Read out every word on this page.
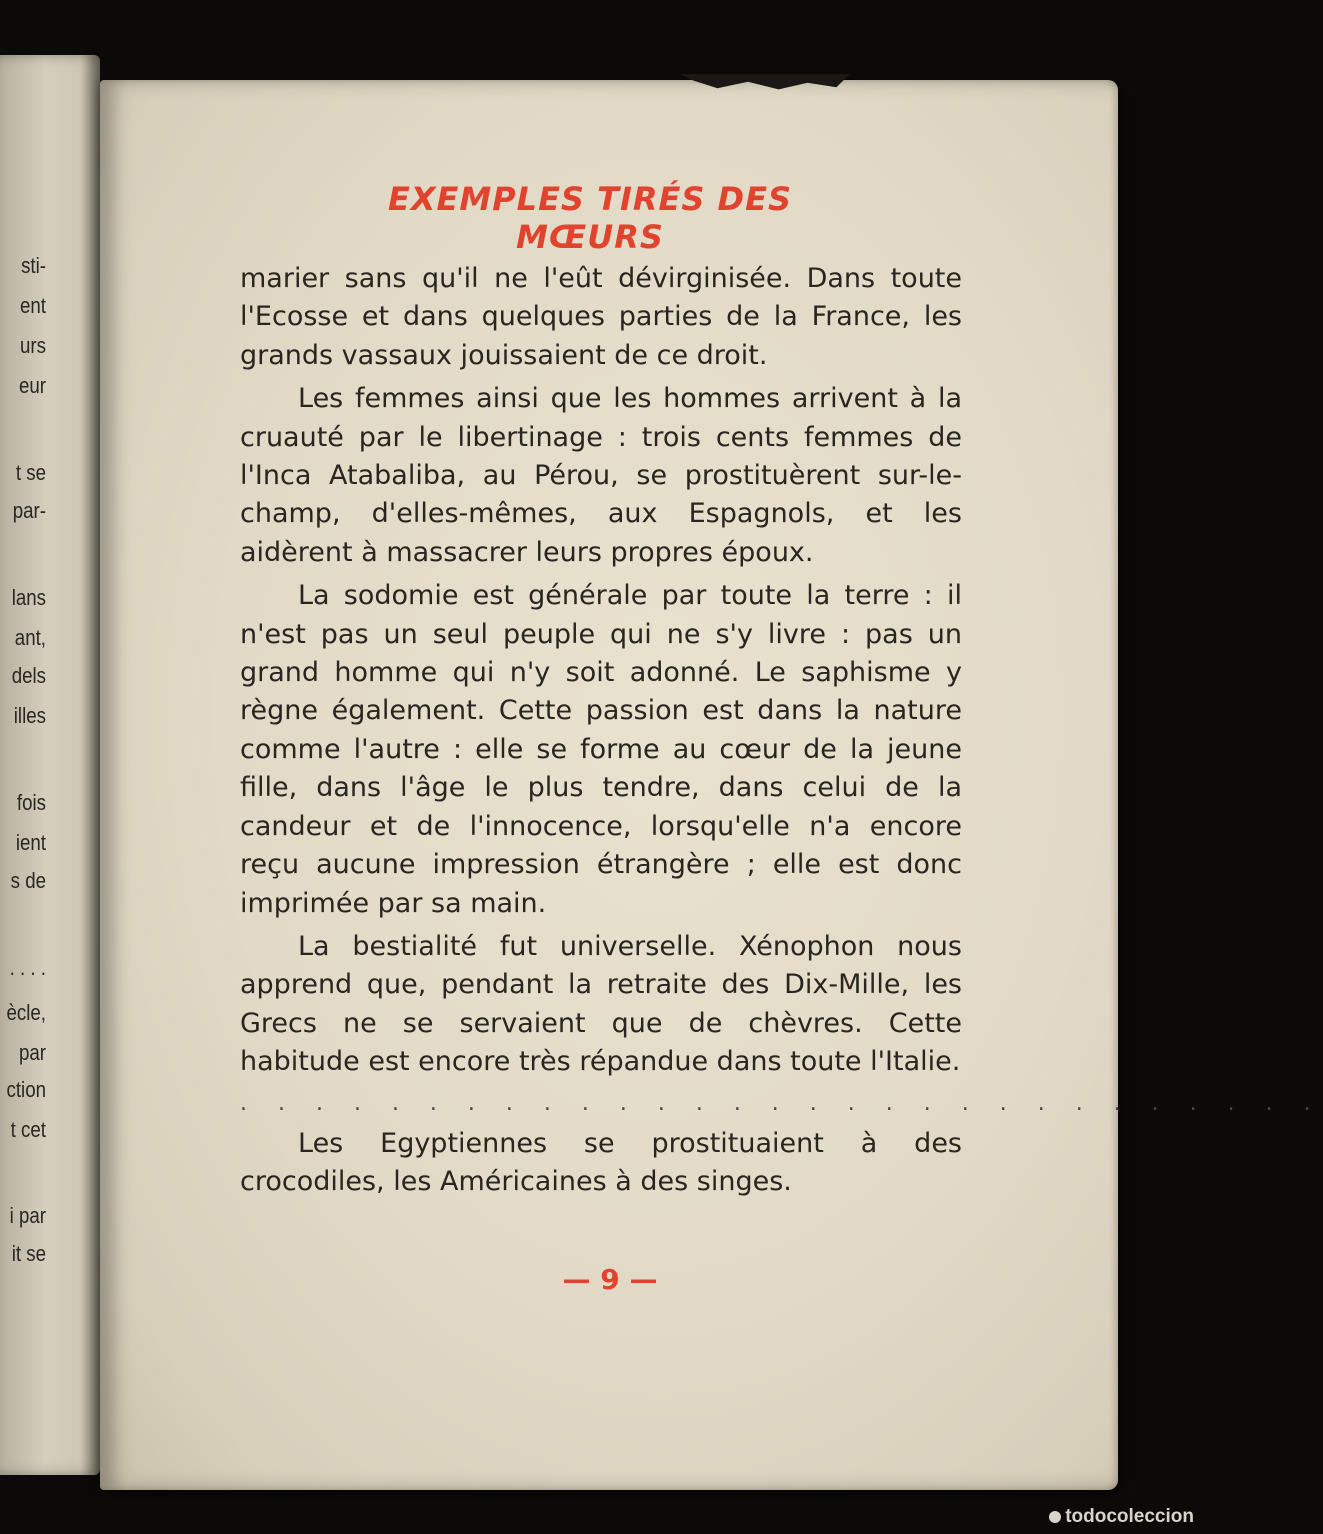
sti-
ent
urs
eur
t se
par-
lans
ant,
dels
illes
fois
ient
s de
. . . .
ècle,
par
ction
t cet
i par
it se
EXEMPLES TIRÉS DES MŒURS

marier sans qu'il ne l'eût dévirginisée. Dans toute l'Ecosse et dans quelques parties de la France, les grands vassaux jouissaient de ce droit.

Les femmes ainsi que les hommes arrivent à la cruauté par le libertinage : trois cents femmes de l'Inca Atabaliba, au Pérou, se prostituèrent sur-le-champ, d'elles-mêmes, aux Espagnols, et les aidèrent à massacrer leurs propres époux.

La sodomie est générale par toute la terre : il n'est pas un seul peuple qui ne s'y livre : pas un grand homme qui n'y soit adonné. Le saphisme y règne également. Cette passion est dans la nature comme l'autre : elle se forme au cœur de la jeune fille, dans l'âge le plus tendre, dans celui de la candeur et de l'innocence, lorsqu'elle n'a encore reçu aucune impression étrangère ; elle est donc imprimée par sa main.

La bestialité fut universelle. Xénophon nous apprend que, pendant la retraite des Dix-Mille, les Grecs ne se servaient que de chèvres. Cette habitude est encore très répandue dans toute l'Italie.

. . . . . . . . . . . . . . . . . . . . . . . . . . . . .

Les Egyptiennes se prostituaient à des crocodiles, les Américaines à des singes.

— 9 —
todocoleccion
